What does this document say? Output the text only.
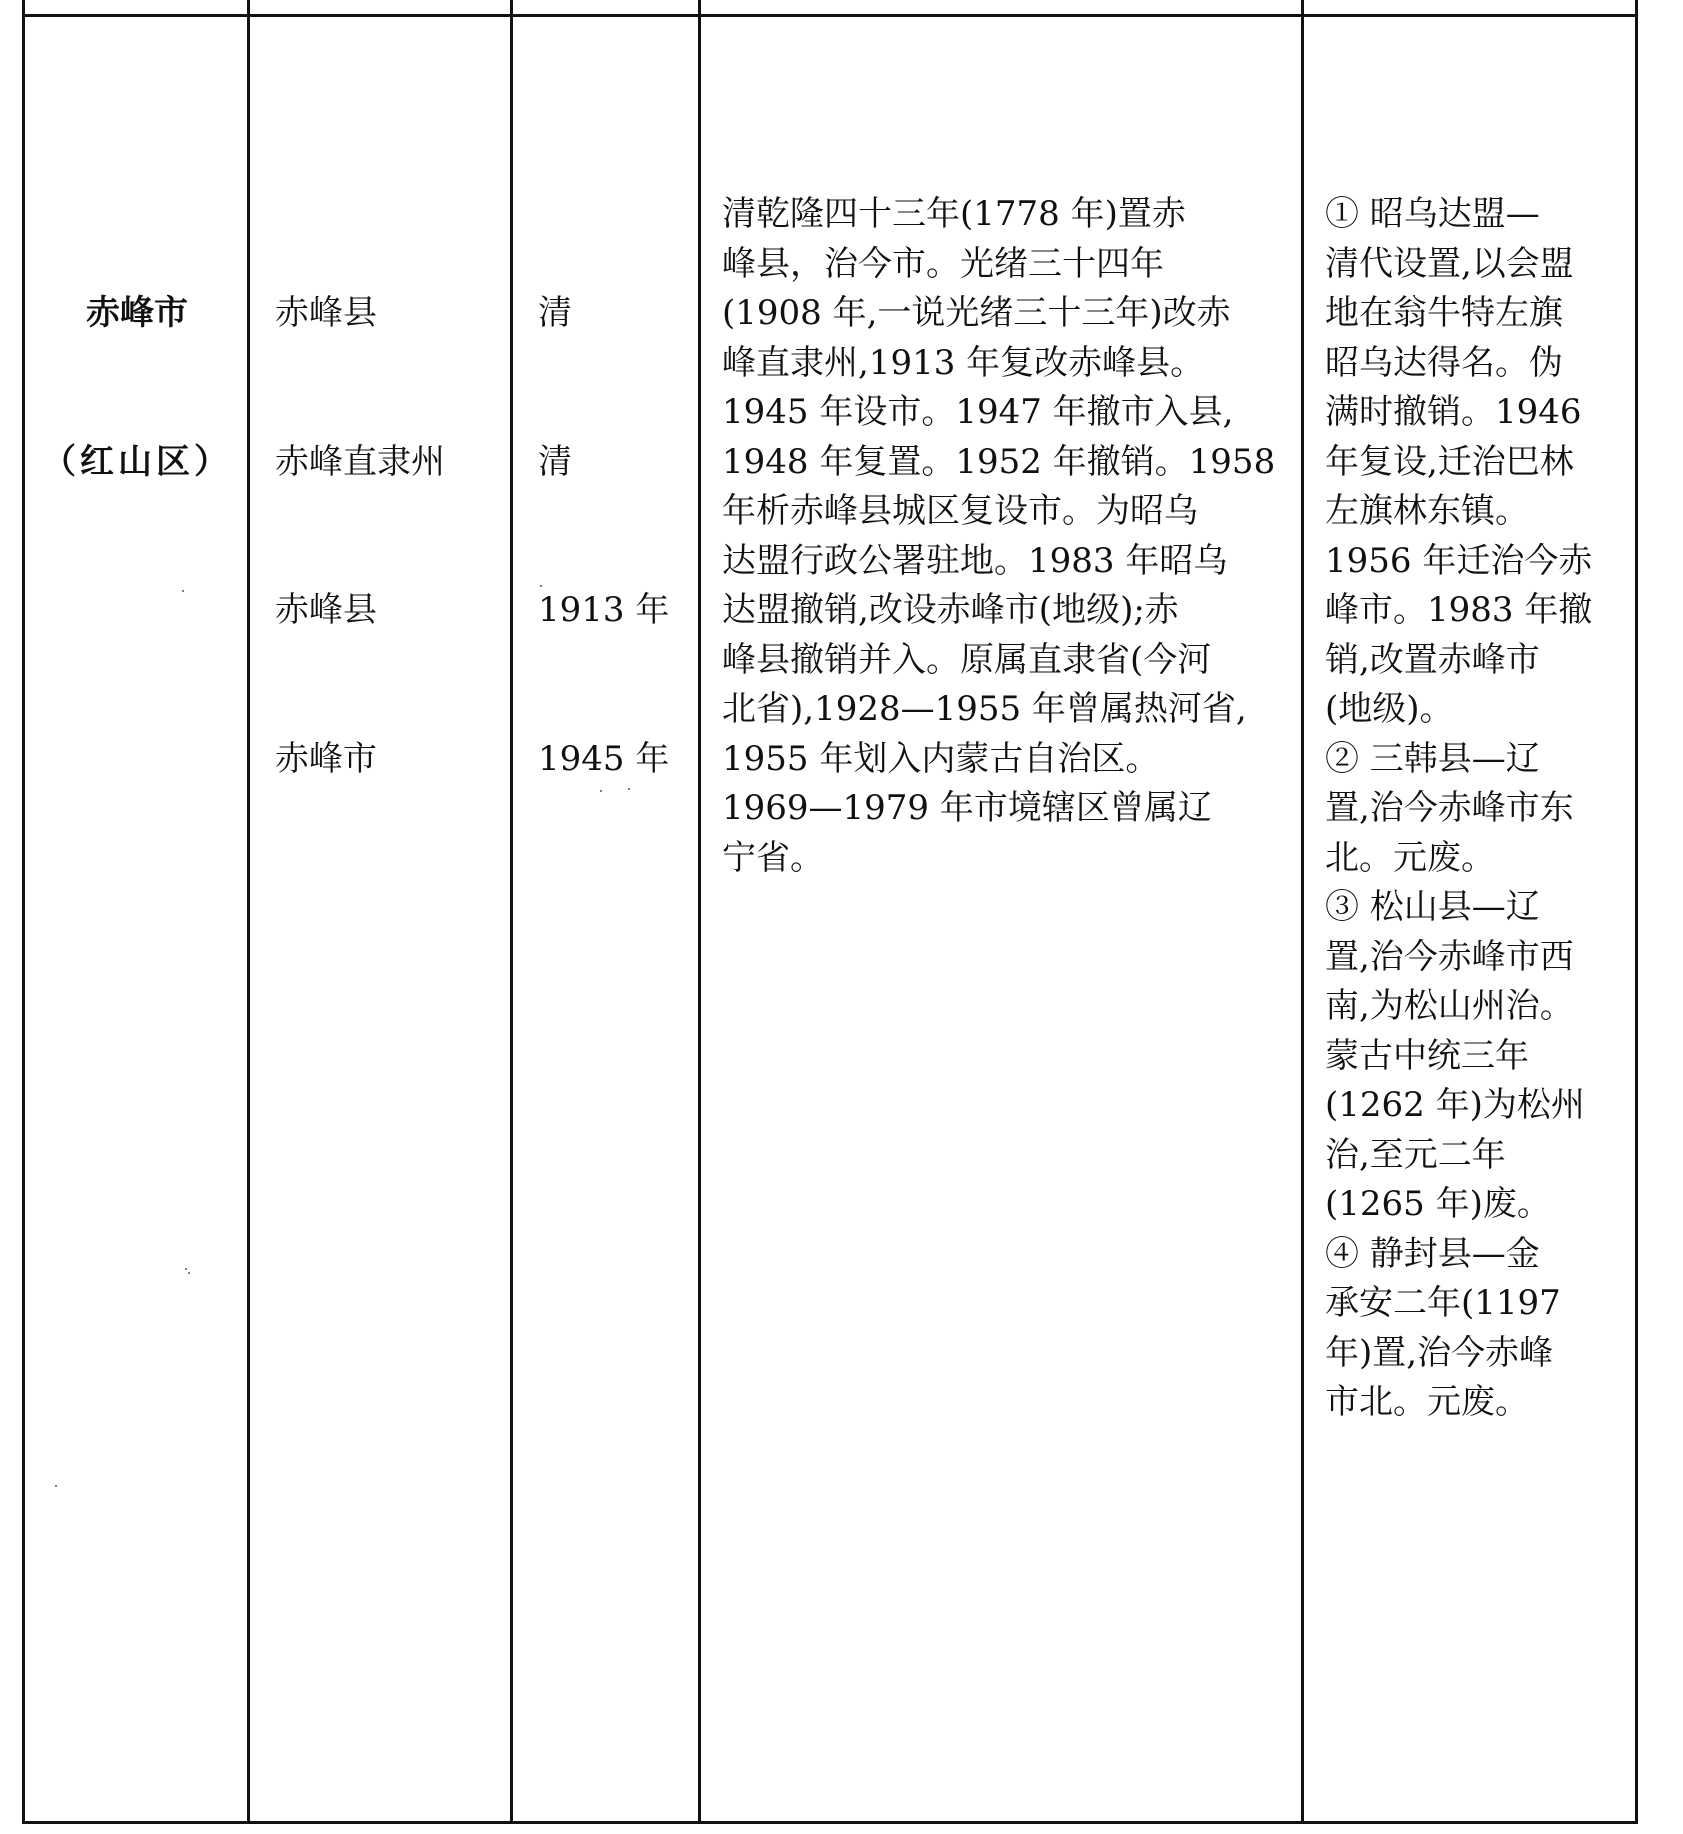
赤峰市

（红山区）

赤峰县

赤峰直隶州

赤峰县

赤峰市

清

清

1913 年

1945 年

清乾隆四十三年(1778 年)置赤
峰县，治今市。光绪三十四年
(1908 年,一说光绪三十三年)改赤
峰直隶州,1913 年复改赤峰县。
1945 年设市。1947 年撤市入县,
1948 年复置。1952 年撤销。1958
年析赤峰县城区复设市。为昭乌
达盟行政公署驻地。1983 年昭乌
达盟撤销,改设赤峰市(地级);赤
峰县撤销并入。原属直隶省(今河
北省),1928—1955 年曾属热河省,
1955 年划入内蒙古自治区。
1969—1979 年市境辖区曾属辽
宁省。
① 昭乌达盟—
清代设置,以会盟
地在翁牛特左旗
昭乌达得名。伪
满时撤销。1946
年复设,迁治巴林
左旗林东镇。
1956 年迁治今赤
峰市。1983 年撤
销,改置赤峰市
(地级)。
② 三韩县—辽
置,治今赤峰市东
北。元废。
③ 松山县—辽
置,治今赤峰市西
南,为松山州治。
蒙古中统三年
(1262 年)为松州
治,至元二年
(1265 年)废。
④ 静封县—金
承安二年(1197
年)置,治今赤峰
市北。元废。
